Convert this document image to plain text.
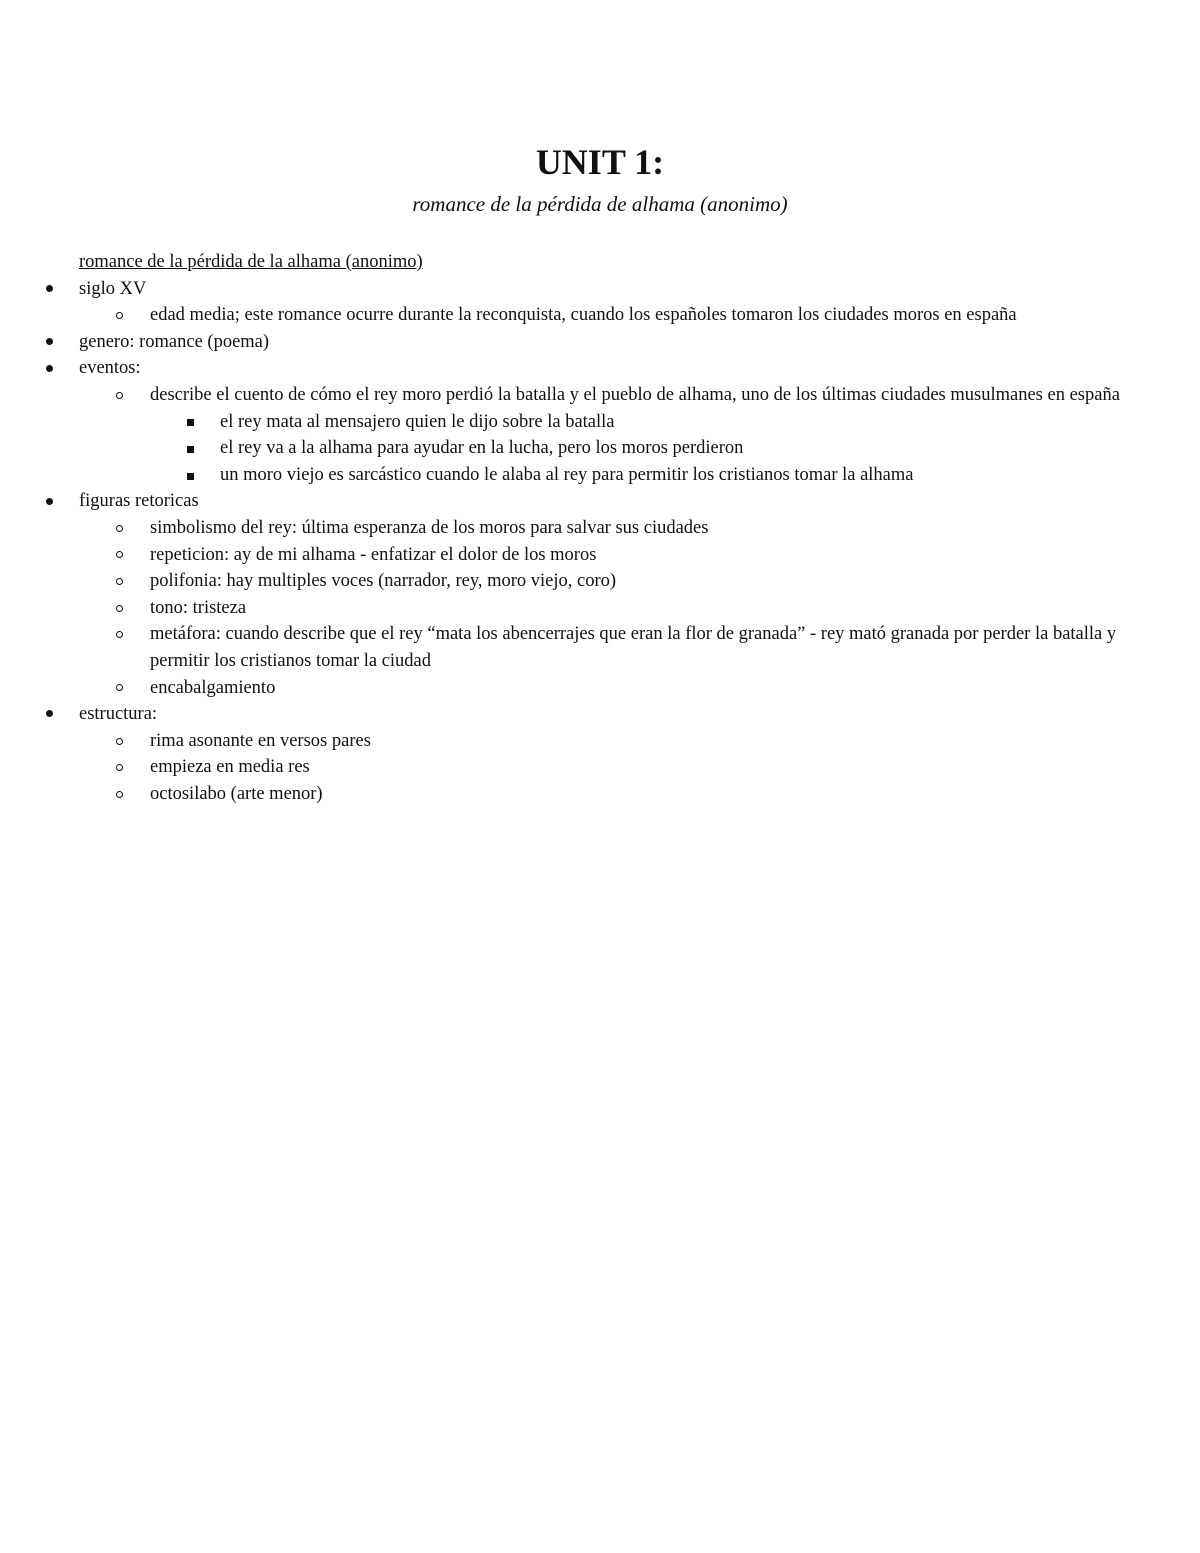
UNIT 1:
romance de la pérdida de alhama (anonimo)
romance de la pérdida de la alhama (anonimo)
siglo XV
edad media; este romance ocurre durante la reconquista, cuando los españoles tomaron los ciudades moros en españa
genero: romance (poema)
eventos:
describe el cuento de cómo el rey moro perdió la batalla y el pueblo de alhama, uno de los últimas ciudades musulmanes en españa
el rey mata al mensajero quien le dijo sobre la batalla
el rey va a la alhama para ayudar en la lucha, pero los moros perdieron
un moro viejo es sarcástico cuando le alaba al rey para permitir los cristianos tomar la alhama
figuras retoricas
simbolismo del rey: última esperanza de los moros para salvar sus ciudades
repeticion: ay de mi alhama - enfatizar el dolor de los moros
polifonia: hay multiples voces (narrador, rey, moro viejo, coro)
tono: tristeza
metáfora: cuando describe que el rey “mata los abencerrajes que eran la flor de granada” - rey mató granada por perder la batalla y
permitir los cristianos tomar la ciudad
encabalgamiento
estructura:
rima asonante en versos pares
empieza en media res
octosilabo (arte menor)
